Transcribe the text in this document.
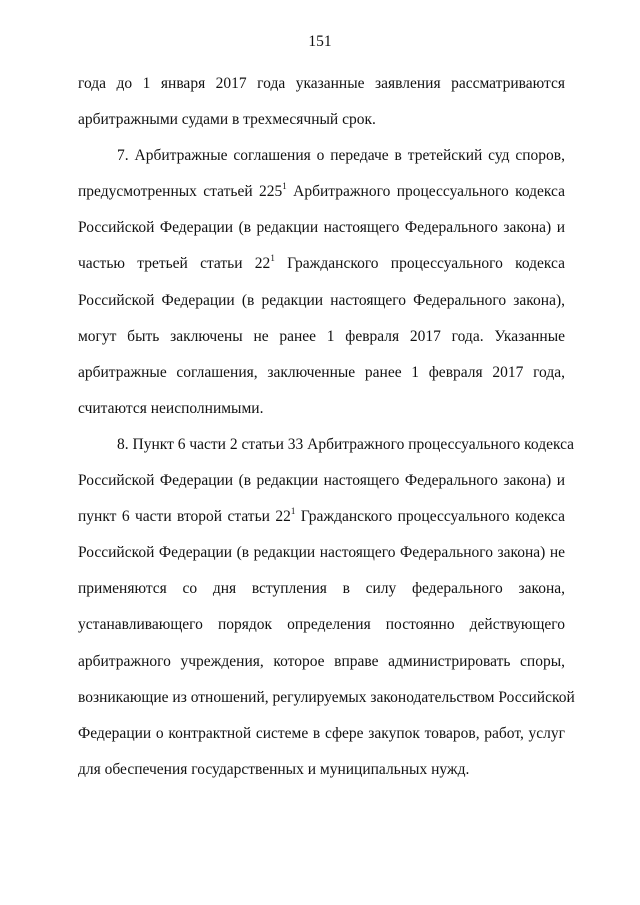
151
года до 1 января 2017 года указанные заявления рассматриваются
арбитражными судами в трехмесячный срок.
7. Арбитражные соглашения о передаче в третейский суд споров,
предусмотренных статьей $225^1$ Арбитражного процессуального кодекса
Российской Федерации (в редакции настоящего Федерального закона) и
частью третьей статьи $22^1$ Гражданского процессуального кодекса
Российской Федерации (в редакции настоящего Федерального закона),
могут быть заключены не ранее 1 февраля 2017 года. Указанные
арбитражные соглашения, заключенные ранее 1 февраля 2017 года,
считаются неисполнимыми.
8. Пункт 6 части 2 статьи 33 Арбитражного процессуального кодекса
Российской Федерации (в редакции настоящего Федерального закона) и
пункт 6 части второй статьи $22^1$ Гражданского процессуального кодекса
Российской Федерации (в редакции настоящего Федерального закона) не
применяются со дня вступления в силу федерального закона,
устанавливающего порядок определения постоянно действующего
арбитражного учреждения, которое вправе администрировать споры,
возникающие из отношений, регулируемых законодательством Российской
Федерации о контрактной системе в сфере закупок товаров, работ, услуг
для обеспечения государственных и муниципальных нужд.
